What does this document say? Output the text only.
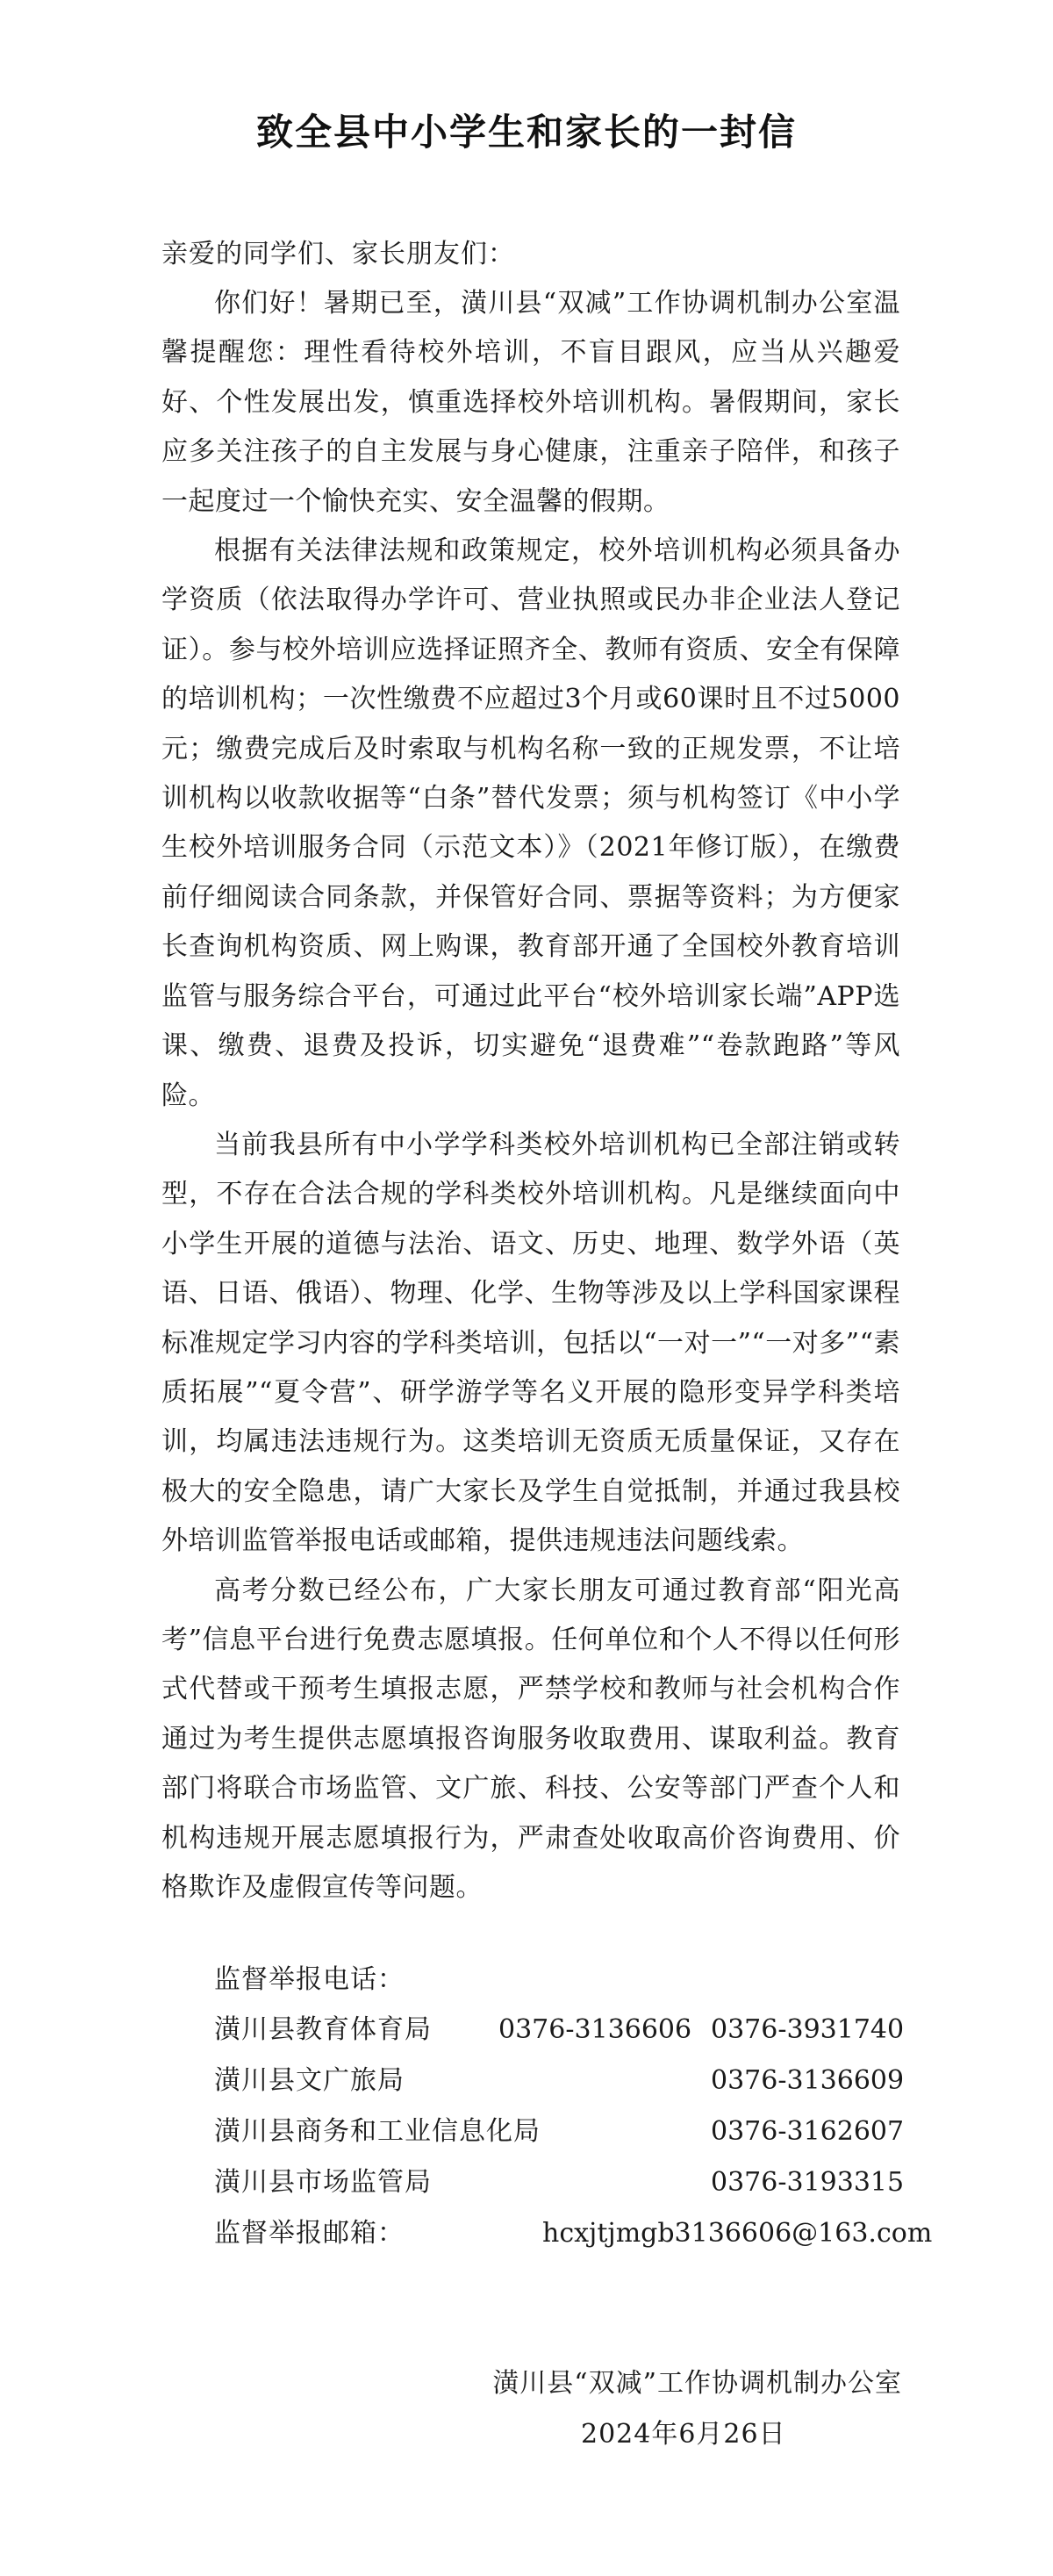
致全县中小学生和家长的一封信
亲爱的同学们、家长朋友们：

你们好！暑期已至，潢川县“双减”工作协调机制办公室温馨提醒您：理性看待校外培训，不盲目跟风，应当从兴趣爱好、个性发展出发，慎重选择校外培训机构。暑假期间，家长应多关注孩子的自主发展与身心健康，注重亲子陪伴，和孩子一起度过一个愉快充实、安全温馨的假期。

根据有关法律法规和政策规定，校外培训机构必须具备办学资质（依法取得办学许可、营业执照或民办非企业法人登记证）。参与校外培训应选择证照齐全、教师有资质、安全有保障的培训机构；一次性缴费不应超过3个月或60课时且不过5000元；缴费完成后及时索取与机构名称一致的正规发票，不让培训机构以收款收据等“白条”替代发票；须与机构签订《中小学生校外培训服务合同（示范文本）》（2021年修订版），在缴费前仔细阅读合同条款，并保管好合同、票据等资料；为方便家长查询机构资质、网上购课，教育部开通了全国校外教育培训监管与服务综合平台，可通过此平台“校外培训家长端”APP选课、缴费、退费及投诉，切实避免“退费难”“卷款跑路”等风险。

当前我县所有中小学学科类校外培训机构已全部注销或转型，不存在合法合规的学科类校外培训机构。凡是继续面向中小学生开展的道德与法治、语文、历史、地理、数学外语（英语、日语、俄语）、物理、化学、生物等涉及以上学科国家课程标准规定学习内容的学科类培训，包括以“一对一”“一对多”“素质拓展”“夏令营”、研学游学等名义开展的隐形变异学科类培训，均属违法违规行为。这类培训无资质无质量保证，又存在极大的安全隐患，请广大家长及学生自觉抵制，并通过我县校外培训监管举报电话或邮箱，提供违规违法问题线索。

高考分数已经公布，广大家长朋友可通过教育部“阳光高考”信息平台进行免费志愿填报。任何单位和个人不得以任何形式代替或干预考生填报志愿，严禁学校和教师与社会机构合作通过为考生提供志愿填报咨询服务收取费用、谋取利益。教育部门将联合市场监管、文广旅、科技、公安等部门严查个人和机构违规开展志愿填报行为，严肃查处收取高价咨询费用、价格欺诈及虚假宣传等问题。

监督举报电话：
潢川县教育体育局	0376-3136606 0376-3931740
潢川县文广旅局	0376-3136609
潢川县商务和工业信息化局	0376-3162607
潢川县市场监管局	0376-3193315
监督举报邮箱：	hcxjtjmgb3136606@163.com
潢川县“双减”工作协调机制办公室
2024年6月26日
